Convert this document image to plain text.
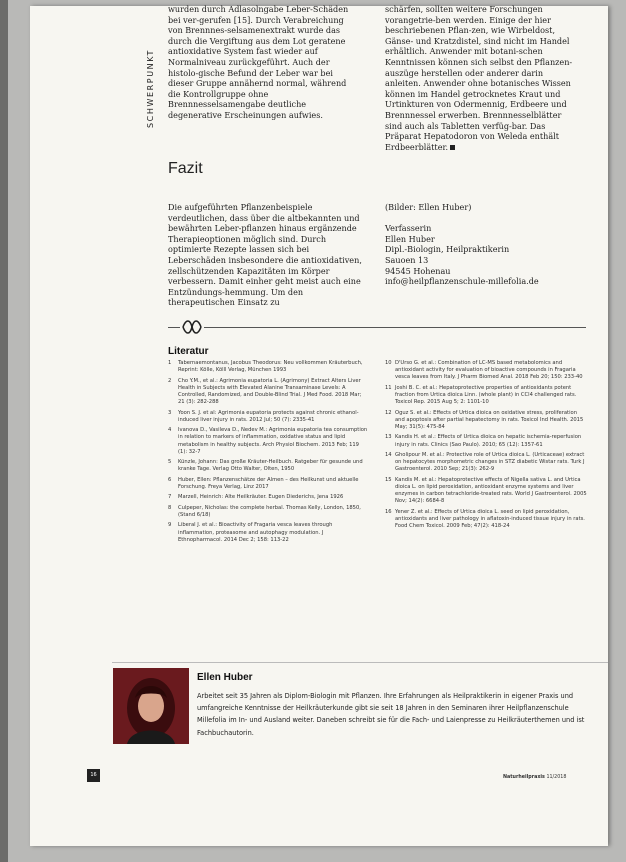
SCHWERPUNKT

wurden durch Adlasolngabe Leber-Schäden bei ver-gerufen [15]. Durch Verabreichung von Brennnes-selsamenextrakt wurde das durch die Vergiftung aus dem Lot geratene antioxidative System fast wieder auf Normalniveau zurückgeführt. Auch der histolo-gische Befund der Leber war bei dieser Gruppe annähernd normal, während die Kontrollgruppe ohne Brennnesselsamengabe deutliche degenerative Erscheinungen aufwies.

schärfen, sollten weitere Forschungen vorangetrie-ben werden. Einige der hier beschriebenen Pflan-zen, wie Wirbeldost, Gänse- und Kratzdistel, sind nicht im Handel erhältlich. Anwender mit botani-schen Kenntnissen können sich selbst den Pflanzen-auszüge herstellen oder anderer darin anleiten. Anwender ohne botanisches Wissen können im Handel getrocknetes Kraut und Urtinkturen von Odermennig, Erdbeere und Brennnessel erwerben. Brennnesselblätter sind auch als Tabletten verfüg-bar. Das Präparat Hepatodoron von Weleda enthält Erdbeerblätter.

Fazit

Die aufgeführten Pflanzenbeispiele verdeutlichen, dass über die altbekannten und bewährten Leber-pflanzen hinaus ergänzende Therapieoptionen möglich sind. Durch optimierte Rezepte lassen sich bei Leberschäden insbesondere die antioxidativen, zellschützenden Kapazitäten im Körper verbessern. Damit einher geht meist auch eine Entzündungs-hemmung. Um den therapeutischen Einsatz zu

(Bilder: Ellen Huber)

Verfasserin

Ellen Huber

Dipl.-Biologin, Heilpraktikerin

Sauoen 13

94545 Hohenau

info@heilpflanzenschule-millefolia.de

Literatur
1 Tabernaemontanus, Jacobus Theodorus: Neu vollkommen Kräuterbuch, Reprint: Kölle, Kölll Verlag, München 1993
2 Cho Y.M., et al.: Agrimonia eupatoria L. (Agrimony) Extract Alters Liver Health in Subjects with Elevated Alanine Transaminase Levels: A Controlled, Randomized, and Double-Blind Trial. J Med Food. 2018 Mar; 21 (3): 282-288
3 Yoon S. J. et al: Agrimonia eupatoria protects against chronic ethanol-induced liver injury in rats. 2012 Jul; 50 (7): 2335-41
4 Ivanova D., Vasileva D., Nedev M.: Agrimonia eupatoria tea consumption in relation to markers of inflammation, oxidative status and lipid metabolism in healthy subjects. Arch Physiol Biochem. 2013 Feb; 119 (1): 32-7
5 Künzle, Johann: Das große Kräuter-Heilbuch. Ratgeber für gesunde und kranke Tage. Verlag Otto Walter, Olten, 1950
6 Huber, Ellen: Pflanzenschätze der Almen – des Heilkunst und aktuelle Forschung. Freya Verlag, Linz 2017
7 Marzell, Heinrich: Alte Heilkräuter. Eugen Diederichs, Jena 1926
8 Culpeper, Nicholas: the complete herbal. Thomas Kelly, London, 1850, (Stand 6/18)
9 Liberal J. et al.: Bioactivity of Fragaria vesca leaves through inflammation, proteasome and autophagy modulation. J Ethnopharmacol. 2014 Dec 2; 158: 113-22
10 D'Urso G. et al.: Combination of LC-MS based metabolomics and antioxidant activity for evaluation of bioactive compounds in Fragaria vesca leaves from Italy. J Pharm Biomed Anal. 2018 Feb 20; 150: 233-40
11 Joshi B. C. et al.: Hepatoprotective properties of antioxidants potent fraction from Urtica dioica Linn. (whole plant) in CCl4 challenged rats. Toxicol Rep. 2015 Aug 5; 2: 1101-10
12 Oguz S. et al.: Effects of Urtica dioica on oxidative stress, proliferation and apoptosis after partial hepatectomy in rats. Toxicol Ind Health. 2015 May; 31(5): 475-84
13 Kandis H. et al.: Effects of Urtica dioica on hepatic ischemia-reperfusion injury in rats. Clinics (Sao Paulo). 2010; 65 (12): 1357-61
14 Gholipour M. et al.: Protective role of Urtica dioica L. (Urticaceae) extract on hepatocytes morphometric changes in STZ diabetic Wistar rats. Turk J Gastroenterol. 2010 Sep; 21(3): 262-9
15 Kandis M. et al.: Hepatoprotective effects of Nigella sativa L. and Urtica dioica L. on lipid peroxidation, antioxidant enzyme systems and liver enzymes in carbon tetrachloride-treated rats. World J Gastroenterol. 2005 Nov; 14(2): 6684-8
16 Yener Z. et al.: Effects of Urtica dioica L. seed on lipid peroxidation, antioxidants and liver pathology in aflatoxin-induced tissue injury in rats. Food Chem Toxicol. 2009 Feb; 47(2): 418-24
Ellen Huber
Arbeitet seit 35 Jahren als Diplom-Biologin mit Pflanzen. Ihre Erfahrungen als Heilpraktikerin in eigener Praxis und umfangreiche Kenntnisse der Heilkräuterkunde gibt sie seit 18 Jahren in den Seminaren ihrer Heilpflanzenschule Millefolia im In- und Ausland weiter. Daneben schreibt sie für die Fach- und Laienpresse zu Heilkräuterthemen und ist Fachbuchautorin.
16	Naturheilpraxis 11/2018
